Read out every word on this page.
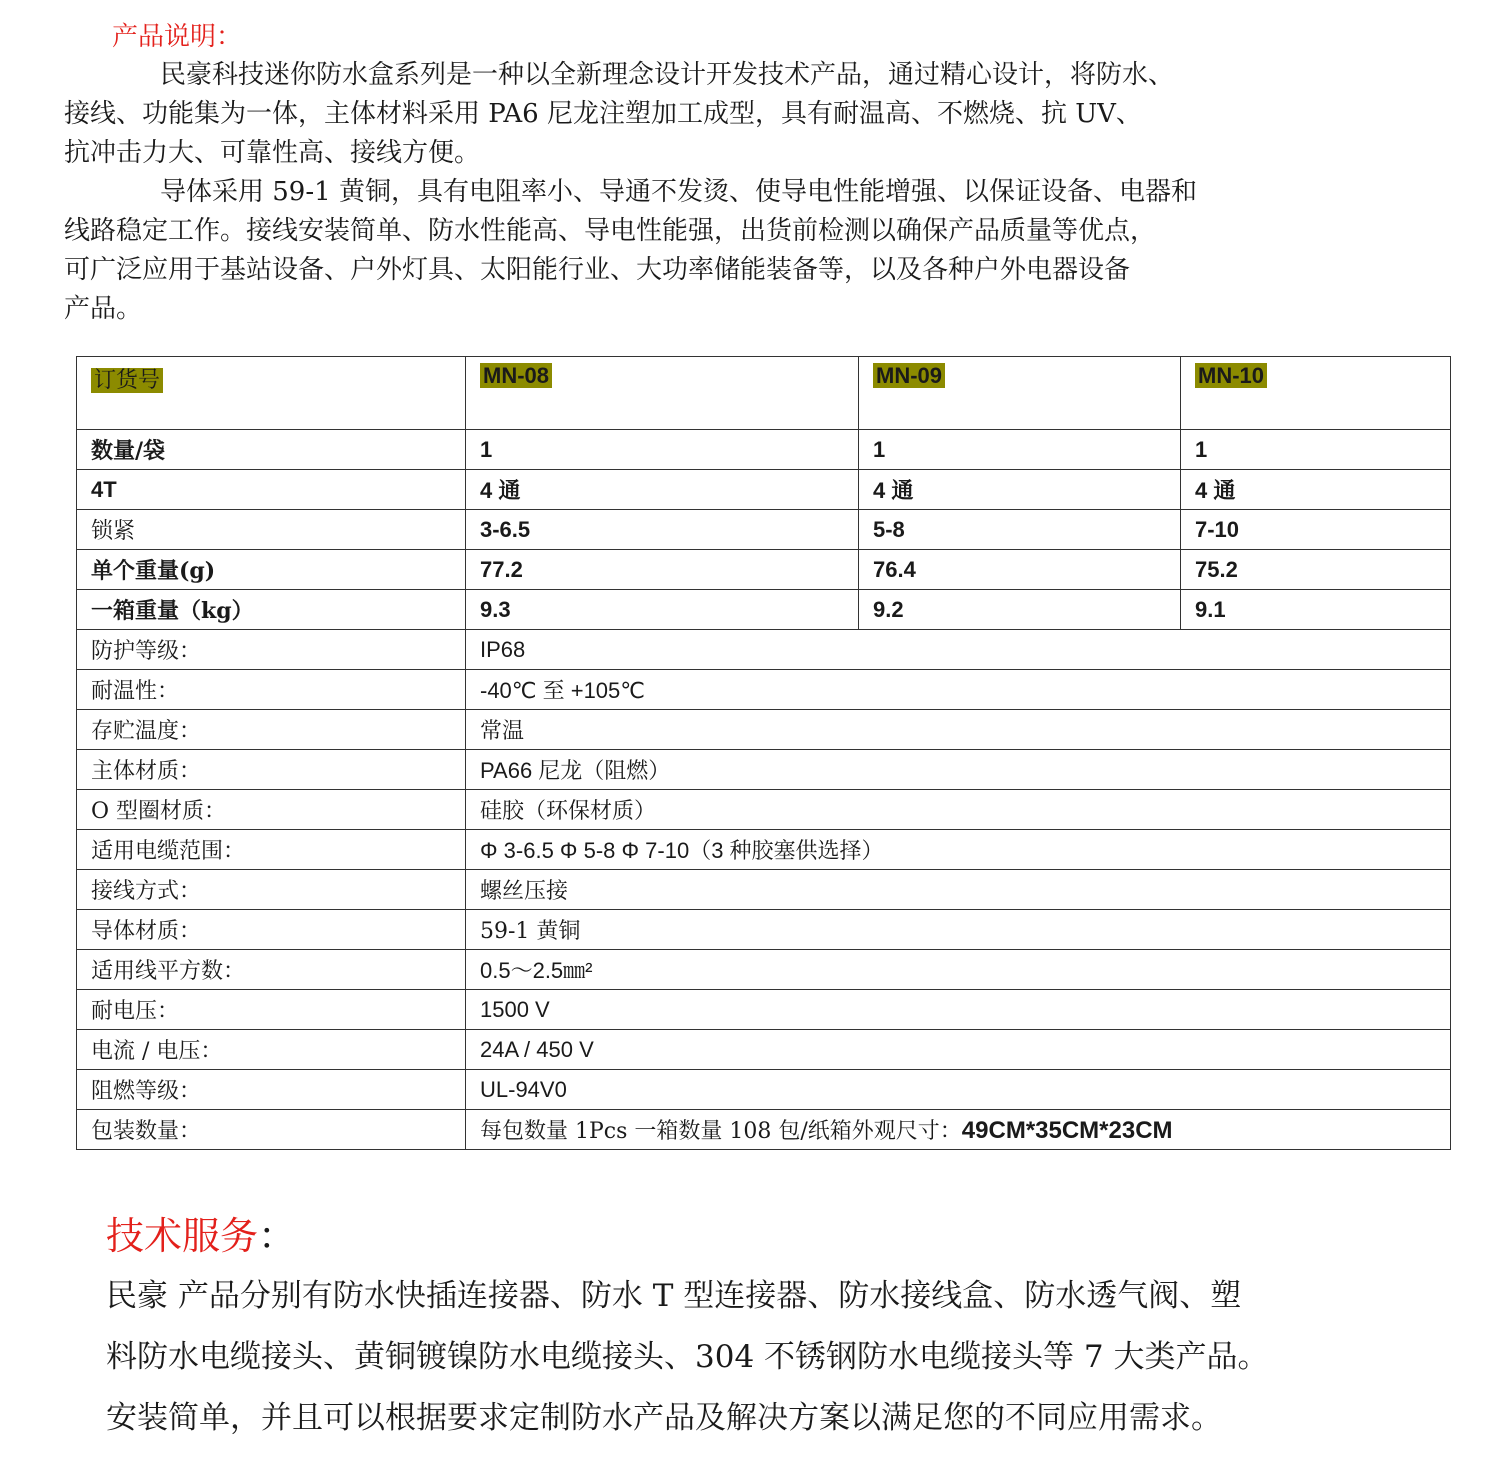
产品说明：

民豪科技迷你防水盒系列是一种以全新理念设计开发技术产品，通过精心设计，将防水、
接线、功能集为一体，主体材料采用 PA6 尼龙注塑加工成型，具有耐温高、不燃烧、抗 UV、
抗冲击力大、可靠性高、接线方便。

导体采用 59-1 黄铜，具有电阻率小、导通不发烫、使导电性能增强、以保证设备、电器和
线路稳定工作。接线安装简单、防水性能高、导电性能强，出货前检测以确保产品质量等优点，
可广泛应用于基站设备、户外灯具、太阳能行业、大功率储能装备等，以及各种户外电器设备
产品。

订货号	MN-08	MN-09	MN-10
数量/袋	1	1	1
4T	4 通	4 通	4 通
锁紧	3-6.5	5-8	7-10
单个重量(g)	77.2	76.4	75.2
一箱重量（kg）	9.3	9.2	9.1
防护等级：	IP68		
耐温性：	-40℃ 至 +105℃		
存贮温度：	常温		
主体材质：	PA66 尼龙（阻燃）		
O 型圈材质：	硅胶（环保材质）		
适用电缆范围：	Φ 3-6.5 Φ 5-8 Φ 7-10（3 种胶塞供选择）		
接线方式：	螺丝压接		
导体材质：	59-1 黄铜		
适用线平方数：	0.5～2.5㎜²		
耐电压：	1500 V		
电流 / 电压：	24A / 450 V		
阻燃等级：	UL-94V0		
包装数量：	每包数量 1Pcs 一箱数量 108 包/纸箱外观尺寸：49CM*35CM*23CM		
技术服务：

民豪 产品分别有防水快插连接器、防水 T 型连接器、防水接线盒、防水透气阀、塑
料防水电缆接头、黄铜镀镍防水电缆接头、304 不锈钢防水电缆接头等 7 大类产品。
安装简单，并且可以根据要求定制防水产品及解决方案以满足您的不同应用需求。
